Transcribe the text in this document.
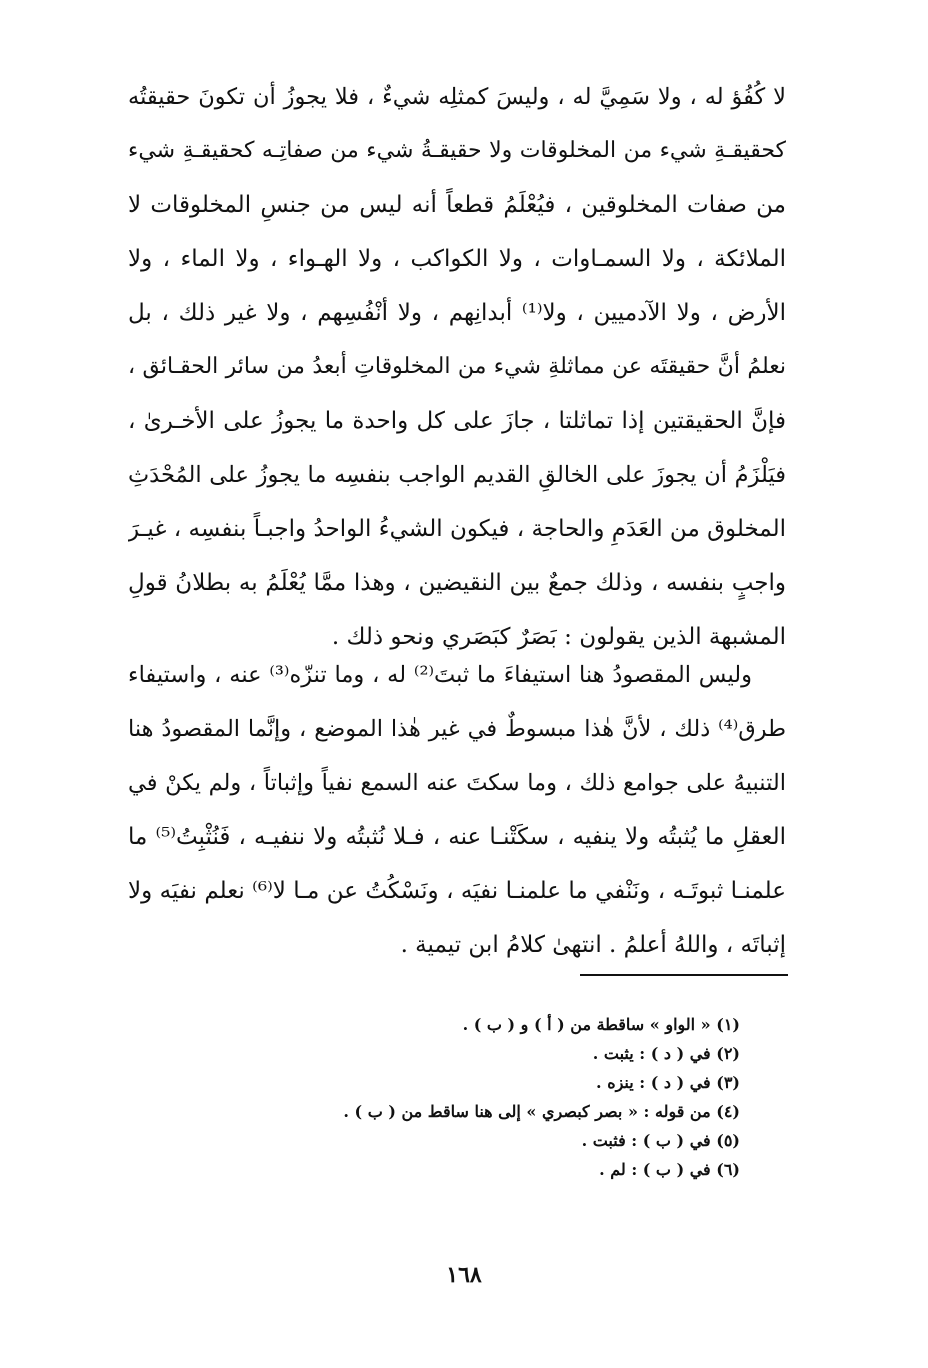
لا كُفُؤ له ، ولا سَمِيَّ له ، وليسَ كمثلِه شيءٌ ، فلا يجوزُ أن تكونَ حقيقتُه
كحقيقـةِ شيء من المخلوقات ولا حقيقـةُ شيء من صفاتِـه كحقيقـةِ شيء
من صفات المخلوقين ، فيُعْلَمُ قطعاً أنه ليس من جنسِ المخلوقات لا
الملائكة ، ولا السمـاوات ، ولا الكواكب ، ولا الهـواء ، ولا الماء ، ولا
الأرض ، ولا الآدميين ، ولا⁽¹⁾ أبدانِهم ، ولا أنْفُسِهم ، ولا غير ذلك ، بل
نعلمُ أنَّ حقيقتَه عن مماثلةِ شيء من المخلوقاتِ أبعدُ من سائر الحقـائق ،
فإنَّ الحقيقتين إذا تماثلتا ، جازَ على كل واحدة ما يجوزُ على الأخـرىٰ ،
فيَلْزَمُ أن يجوزَ على الخالقِ القديم الواجب بنفسِه ما يجوزُ على المُحْدَثِ
المخلوق من العَدَمِ والحاجة ، فيكون الشيءُ الواحدُ واجبـاً بنفسِه ، غيـرَ
واجبٍ بنفسه ، وذلك جمعٌ بين النقيضين ، وهذا ممَّا يُعْلَمُ به بطلانُ قولِ
المشبهة الذين يقولون : بَصَرٌ كبَصَري ونحو ذلك .
وليس المقصودُ هنا استيفاءَ ما ثبتَ⁽²⁾ له ، وما تنزّه⁽³⁾ عنه ، واستيفاء
طرق⁽⁴⁾ ذلك ، لأنَّ هٰذا مبسوطٌ في غير هٰذا الموضع ، وإنَّما المقصودُ هنا
التنبيهُ على جوامع ذلك ، وما سكتَ عنه السمع نفياً وإثباتاً ، ولم يكنْ في
العقلِ ما يُثبتُه ولا ينفيه ، سكَتْنـا عنه ، فـلا نُثبتُه ولا ننفيـه ، فَنُثْبِتُ⁽⁵⁾ ما
علمنـا ثبوتَـه ، ونَنْفي ما علمنـا نفيَه ، ونَسْكُتُ عن مـا لا⁽⁶⁾ نعلم نفيَه ولا
إثباتَه ، واللهُ أعلمُ . انتهىٰ كلامُ ابن تيمية .
(١) « الواو » ساقطة من ( أ ) و ( ب ) .
(٢) في ( د ) : يثبت .
(٣) في ( د ) : ينزه .
(٤) من قوله : « بصر كبصري » إلى هنا ساقط من ( ب ) .
(٥) في ( ب ) : فثبت .
(٦) في ( ب ) : لم .
١٦٨
